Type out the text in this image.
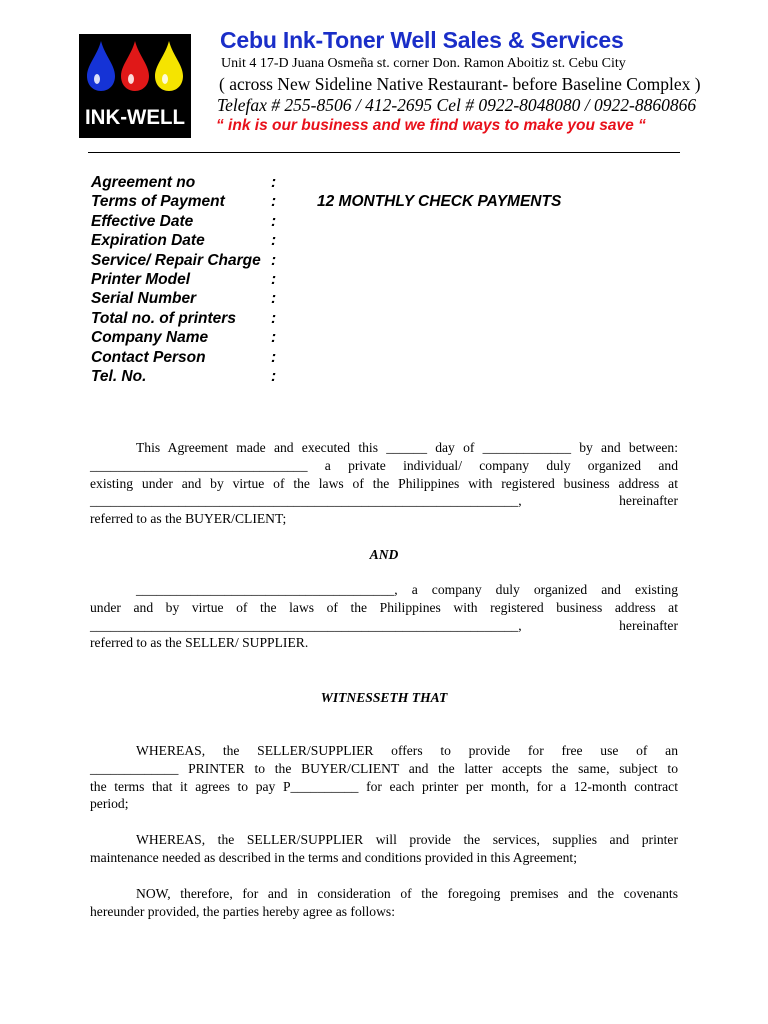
INK-WELL
Cebu Ink-Toner Well Sales & Services
Unit 4 17-D Juana Osmeña st. corner Don. Ramon Aboitiz st. Cebu City
( across New Sideline Native Restaurant- before Baseline Complex )
Telefax # 255-8506 / 412-2695 Cel # 0922-8048080 / 0922-8860866
“ ink is our business and we find ways to make you save “
Agreement no	:
Terms of Payment	:	12 MONTHLY CHECK PAYMENTS
Effective Date	:
Expiration Date	:
Service/ Repair Charge :
Printer Model	:
Serial Number	:
Total no. of printers :
Company Name	:
Contact Person	:
Tel. No.	:

This Agreement made and executed this ______ day of _____________ by and between:

________________________________ a private individual/ company duly organized and

existing under and by virtue of the laws of the Philippines with registered business address at

_______________________________________________________________, hereinafter

referred to as the BUYER/CLIENT;

AND

______________________________________, a company duly organized and existing

under and by virtue of the laws of the Philippines with registered business address at

_______________________________________________________________, hereinafter

referred to as the SELLER/ SUPPLIER.

WITNESSETH THAT

WHEREAS, the SELLER/SUPPLIER offers to provide for free use of an

_____________ PRINTER to the BUYER/CLIENT and the latter accepts the same, subject to

the terms that it agrees to pay P__________ for each printer per month, for a 12-month contract

period;

WHEREAS, the SELLER/SUPPLIER will provide the services, supplies and printer

maintenance needed as described in the terms and conditions provided in this Agreement;

NOW, therefore, for and in consideration of the foregoing premises and the covenants

hereunder provided, the parties hereby agree as follows:
